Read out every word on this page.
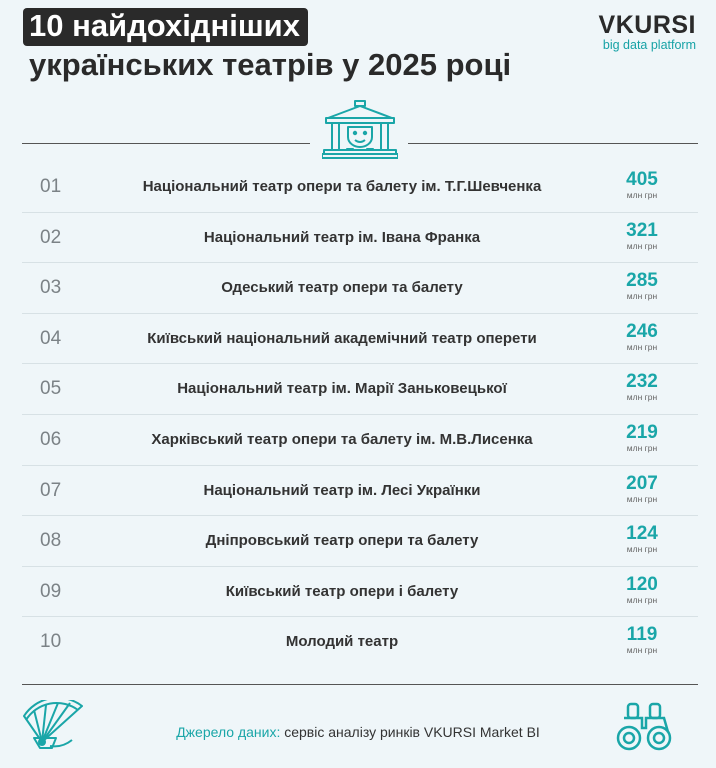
10 найдохідніших
українських театрів у 2025 році
VKURSI
big data platform
01	Національний театр опери та балету ім. Т.Г.Шевченка	405
млн грн
02	Національний театр ім. Івана Франка	321
млн грн
03	Одеський театр опери та балету	285
млн грн
04	Київський національний академічний театр оперети	246
млн грн
05	Національний театр ім. Марії Заньковецької	232
млн грн
06	Харківський театр опери та балету ім. М.В.Лисенка	219
млн грн
07	Національний театр ім. Лесі Українки	207
млн грн
08	Дніпровський театр опери та балету	124
млн грн
09	Київський театр опери і балету	120
млн грн
10	Молодий театр	119
млн грн
Джерело даних: сервіс аналізу ринків VKURSI Market BI
